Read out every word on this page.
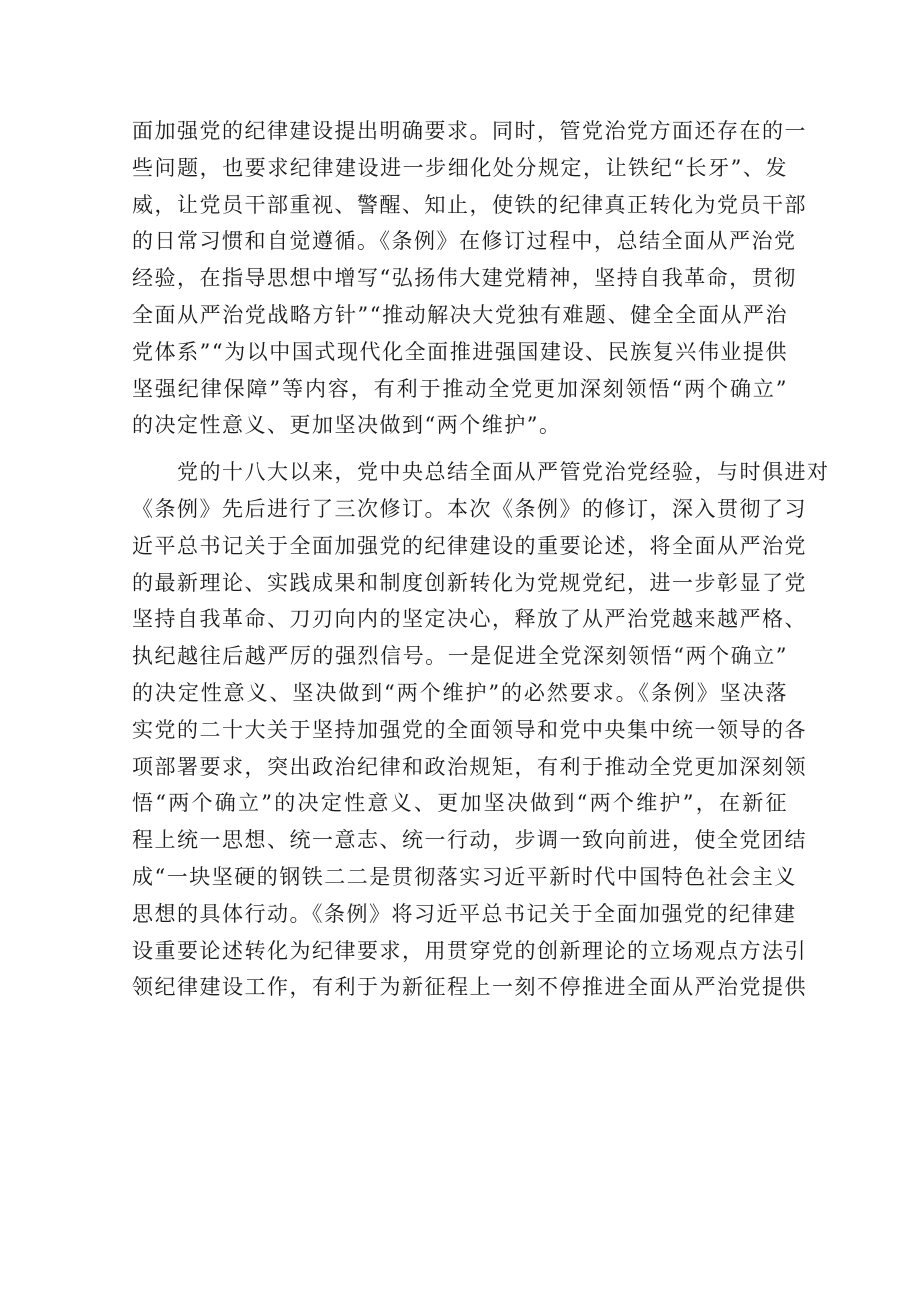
面加强党的纪律建设提出明确要求。同时，管党治党方面还存在的一
些问题，也要求纪律建设进一步细化处分规定，让铁纪“长牙”、发
威，让党员干部重视、警醒、知止，使铁的纪律真正转化为党员干部
的日常习惯和自觉遵循。《条例》在修订过程中，总结全面从严治党
经验，在指导思想中增写“弘扬伟大建党精神，坚持自我革命，贯彻
全面从严治党战略方针”“推动解决大党独有难题、健全全面从严治
党体系”“为以中国式现代化全面推进强国建设、民族复兴伟业提供
坚强纪律保障”等内容，有利于推动全党更加深刻领悟“两个确立”
的决定性意义、更加坚决做到“两个维护”。
　　党的十八大以来，党中央总结全面从严管党治党经验，与时俱进对
《条例》先后进行了三次修订。本次《条例》的修订，深入贯彻了习
近平总书记关于全面加强党的纪律建设的重要论述，将全面从严治党
的最新理论、实践成果和制度创新转化为党规党纪，进一步彰显了党
坚持自我革命、刀刃向内的坚定决心，释放了从严治党越来越严格、
执纪越往后越严厉的强烈信号。一是促进全党深刻领悟“两个确立”
的决定性意义、坚决做到“两个维护”的必然要求。《条例》坚决落
实党的二十大关于坚持加强党的全面领导和党中央集中统一领导的各
项部署要求，突出政治纪律和政治规矩，有利于推动全党更加深刻领
悟“两个确立”的决定性意义、更加坚决做到“两个维护”，在新征
程上统一思想、统一意志、统一行动，步调一致向前进，使全党团结
成“一块坚硬的钢铁二二是贯彻落实习近平新时代中国特色社会主义
思想的具体行动。《条例》将习近平总书记关于全面加强党的纪律建
设重要论述转化为纪律要求，用贯穿党的创新理论的立场观点方法引
领纪律建设工作，有利于为新征程上一刻不停推进全面从严治党提供
